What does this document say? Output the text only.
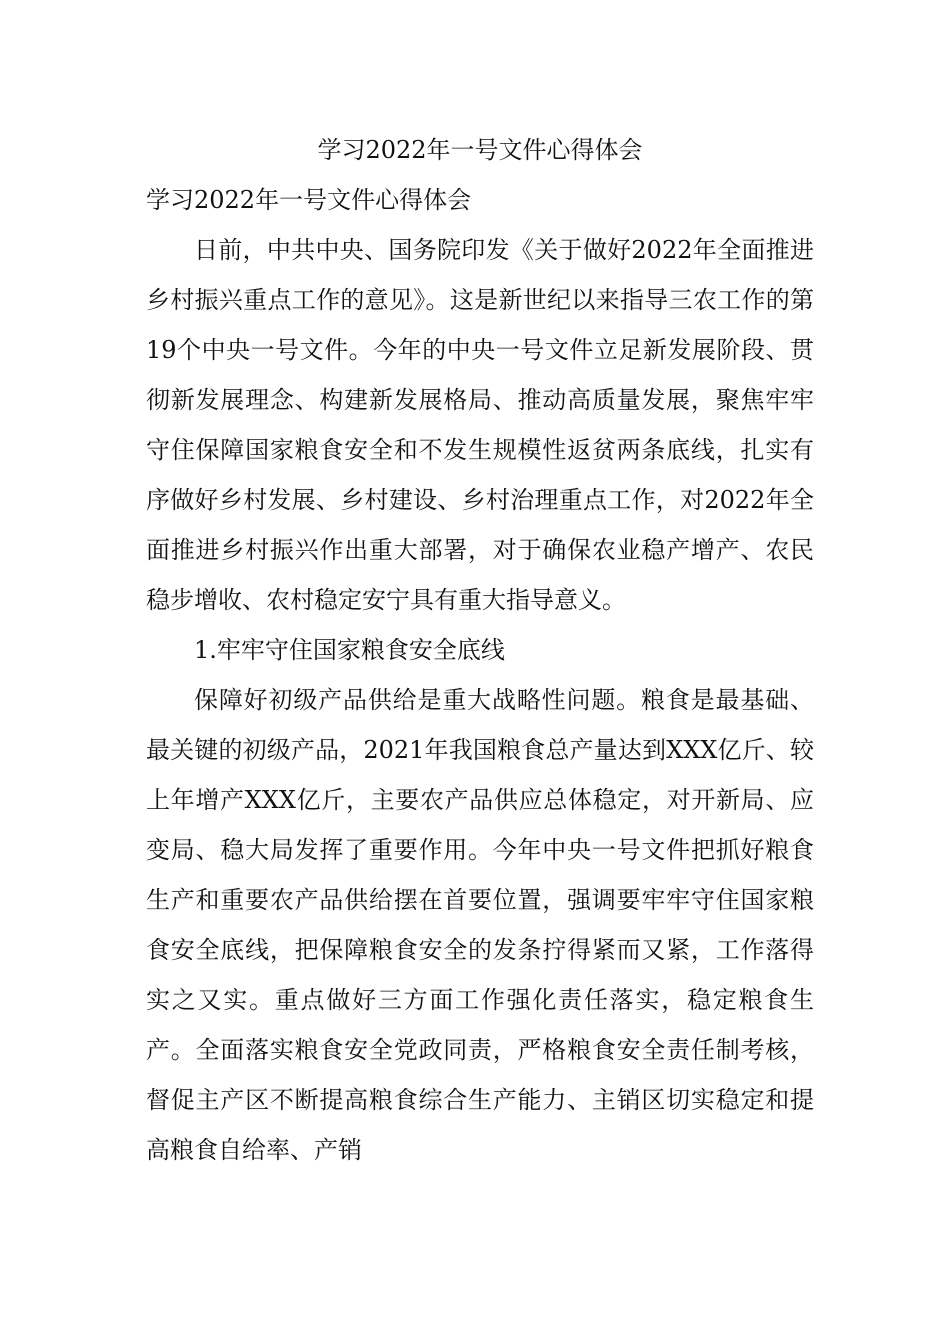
学习2022年一号文件心得体会

学习2022年一号文件心得体会

日前，中共中央、国务院印发《关于做好2022年全面推进乡村振兴重点工作的意见》。这是新世纪以来指导三农工作的第19个中央一号文件。今年的中央一号文件立足新发展阶段、贯彻新发展理念、构建新发展格局、推动高质量发展，聚焦牢牢守住保障国家粮食安全和不发生规模性返贫两条底线，扎实有序做好乡村发展、乡村建设、乡村治理重点工作，对2022年全面推进乡村振兴作出重大部署，对于确保农业稳产增产、农民稳步增收、农村稳定安宁具有重大指导意义。

1.牢牢守住国家粮食安全底线

保障好初级产品供给是重大战略性问题。粮食是最基础、最关键的初级产品，2021年我国粮食总产量达到XXX亿斤、较上年增产XXX亿斤，主要农产品供应总体稳定，对开新局、应变局、稳大局发挥了重要作用。今年中央一号文件把抓好粮食生产和重要农产品供给摆在首要位置，强调要牢牢守住国家粮食安全底线，把保障粮食安全的发条拧得紧而又紧，工作落得实之又实。重点做好三方面工作强化责任落实，稳定粮食生产。全面落实粮食安全党政同责，严格粮食安全责任制考核，督促主产区不断提高粮食综合生产能力、主销区切实稳定和提高粮食自给率、产销
